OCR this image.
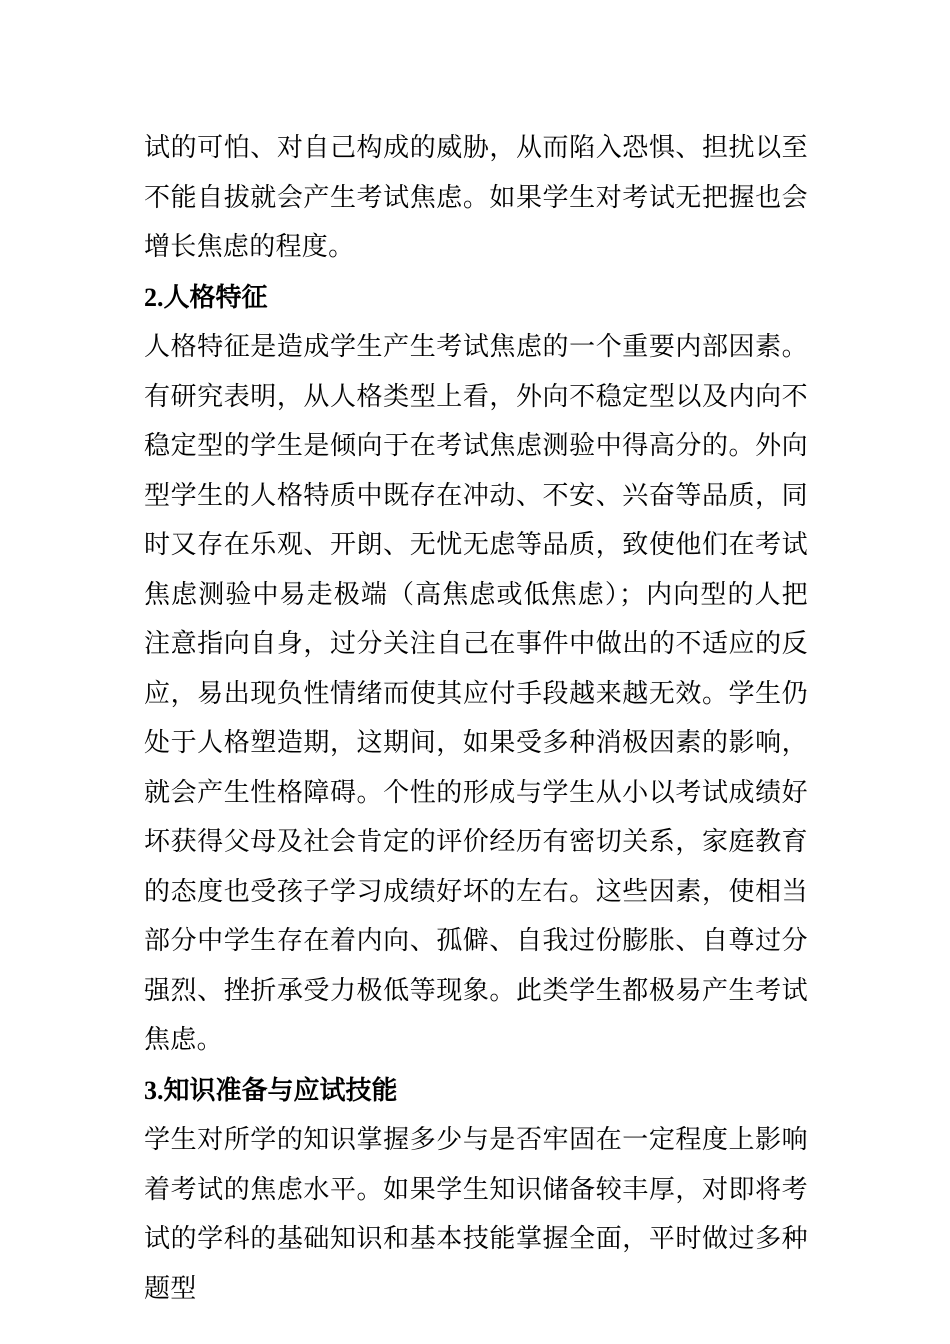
试的可怕、对自己构成的威胁，从而陷入恐惧、担扰以至不能自拔就会产生考试焦虑。如果学生对考试无把握也会增长焦虑的程度。

2.人格特征

人格特征是造成学生产生考试焦虑的一个重要内部因素。有研究表明，从人格类型上看，外向不稳定型以及内向不稳定型的学生是倾向于在考试焦虑测验中得高分的。外向型学生的人格特质中既存在冲动、不安、兴奋等品质，同时又存在乐观、开朗、无忧无虑等品质，致使他们在考试焦虑测验中易走极端（高焦虑或低焦虑）；内向型的人把注意指向自身，过分关注自己在事件中做出的不适应的反应，易出现负性情绪而使其应付手段越来越无效。学生仍处于人格塑造期，这期间，如果受多种消极因素的影响，就会产生性格障碍。个性的形成与学生从小以考试成绩好坏获得父母及社会肯定的评价经历有密切关系，家庭教育的态度也受孩子学习成绩好坏的左右。这些因素，使相当部分中学生存在着内向、孤僻、自我过份膨胀、自尊过分强烈、挫折承受力极低等现象。此类学生都极易产生考试焦虑。

3.知识准备与应试技能

学生对所学的知识掌握多少与是否牢固在一定程度上影响着考试的焦虑水平。如果学生知识储备较丰厚，对即将考试的学科的基础知识和基本技能掌握全面，平时做过多种题型
